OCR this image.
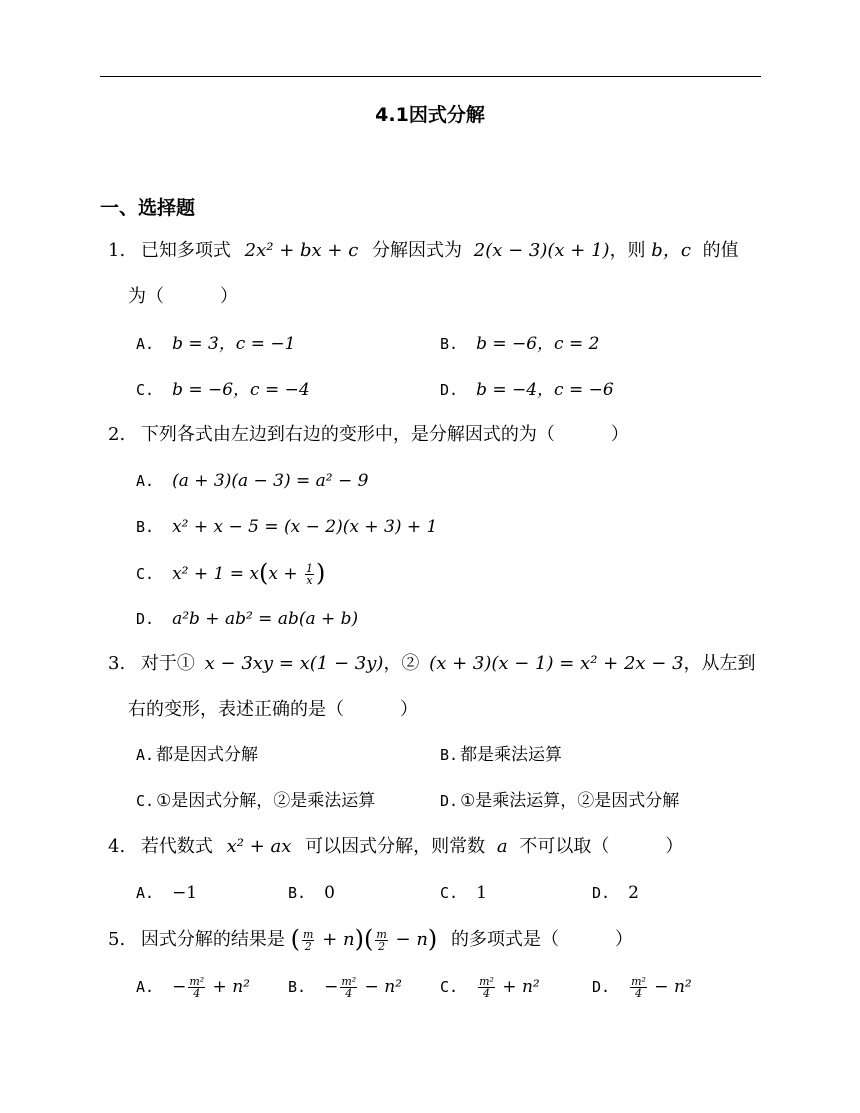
4.1因式分解
一、选择题
1. 已知多项式 2x² + bx + c 分解因式为 2(x − 3)(x + 1)，则 b，c 的值
为（	）
A. b = 3，c = −1	B. b = −6，c = 2
C. b = −6，c = −4	D. b = −4，c = −6
2. 下列各式由左边到右边的变形中，是分解因式的为（	）
A. (a + 3)(a − 3) = a² − 9
B. x² + x − 5 = (x − 2)(x + 3) + 1
C. $x^2 + 1 = x(x + \frac{1}{x}$ )
D. a²b + ab² = ab(a + b)
3. 对于① x − 3xy = x(1 − 3y)，② (x + 3)(x − 1) = x² + 2x − 3，从左到
右的变形，表述正确的是（	）
A. 都是因式分解	B. 都是乘法运算
C. ①是因式分解，②是乘法运算	D. ①是乘法运算，②是因式分解
4. 若代数式 x² + ax 可以因式分解，则常数 a 不可以取（	）
A. −1	B. 0	C. 1	D. 2
5. 因式分解的结果是 ( $\frac{m}{2} + n)( \frac{m}{2} - n)$ 的多项式是（	）
A. − $\frac{\text{m²}}{4} + n^2$	B. − $\frac{\text{m²}}{4} - n^2$	C. $\frac{\text{m²}}{4} + n^2$	D. $\frac{\text{m²}}{4} - n^2$
